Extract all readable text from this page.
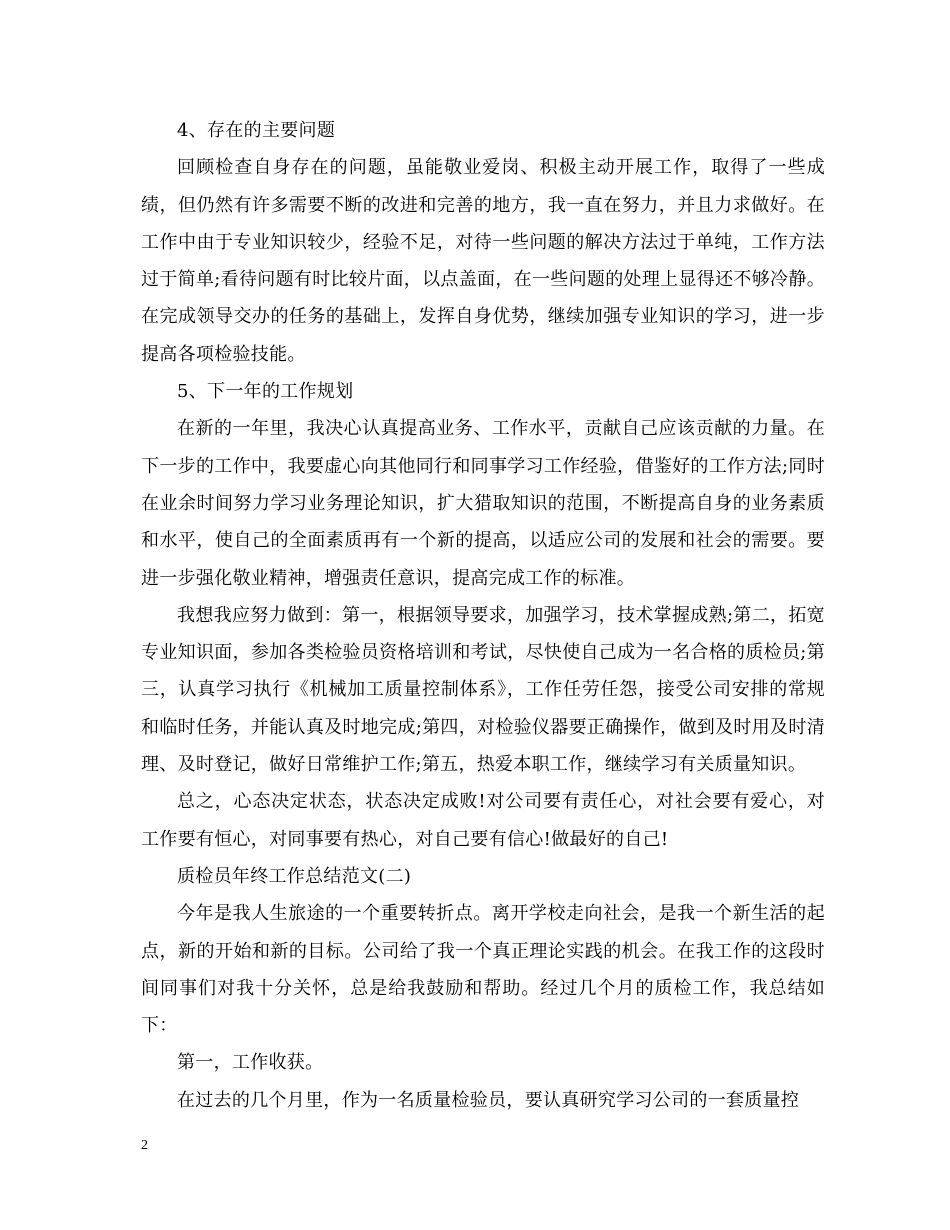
4、存在的主要问题

回顾检查自身存在的问题，虽能敬业爱岗、积极主动开展工作，取得了一些成绩，但仍然有许多需要不断的改进和完善的地方，我一直在努力，并且力求做好。在工作中由于专业知识较少，经验不足，对待一些问题的解决方法过于单纯，工作方法过于简单;看待问题有时比较片面，以点盖面，在一些问题的处理上显得还不够冷静。在完成领导交办的任务的基础上，发挥自身优势，继续加强专业知识的学习，进一步提高各项检验技能。

5、下一年的工作规划

在新的一年里，我决心认真提高业务、工作水平，贡献自己应该贡献的力量。在下一步的工作中，我要虚心向其他同行和同事学习工作经验，借鉴好的工作方法;同时在业余时间努力学习业务理论知识，扩大猎取知识的范围，不断提高自身的业务素质和水平，使自己的全面素质再有一个新的提高，以适应公司的发展和社会的需要。要进一步强化敬业精神，增强责任意识，提高完成工作的标准。

我想我应努力做到：第一，根据领导要求，加强学习，技术掌握成熟;第二，拓宽专业知识面，参加各类检验员资格培训和考试，尽快使自己成为一名合格的质检员;第三，认真学习执行《机械加工质量控制体系》，工作任劳任怨，接受公司安排的常规和临时任务，并能认真及时地完成;第四，对检验仪器要正确操作，做到及时用及时清理、及时登记，做好日常维护工作;第五，热爱本职工作，继续学习有关质量知识。

总之，心态决定状态，状态决定成败!对公司要有责任心，对社会要有爱心，对工作要有恒心，对同事要有热心，对自己要有信心!做最好的自己!

质检员年终工作总结范文(二)

今年是我人生旅途的一个重要转折点。离开学校走向社会，是我一个新生活的起点，新的开始和新的目标。公司给了我一个真正理论实践的机会。在我工作的这段时间同事们对我十分关怀，总是给我鼓励和帮助。经过几个月的质检工作，我总结如下：

第一，工作收获。

在过去的几个月里，作为一名质量检验员，要认真研究学习公司的一套质量控

2
